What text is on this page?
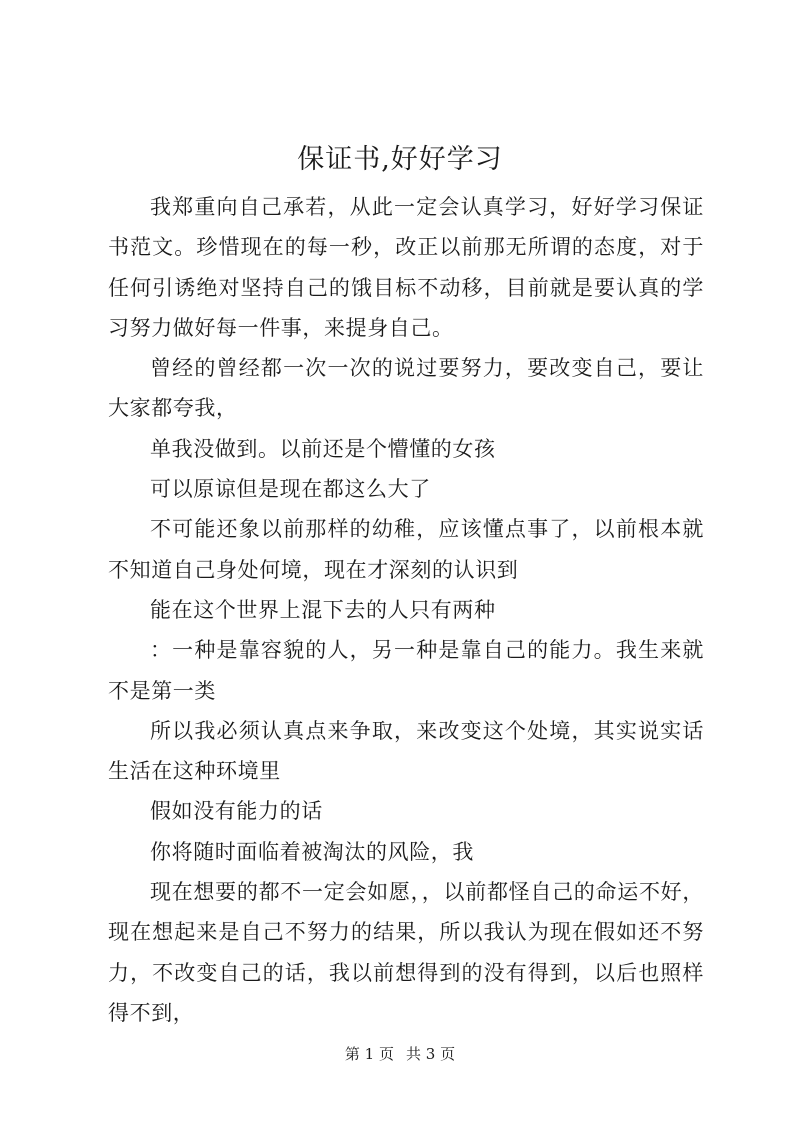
保证书,好好学习

我郑重向自己承若，从此一定会认真学习，好好学习保证书范文。珍惜现在的每一秒，改正以前那无所谓的态度，对于任何引诱绝对坚持自己的饿目标不动移，目前就是要认真的学习努力做好每一件事，来提身自己。

曾经的曾经都一次一次的说过要努力，要改变自己，要让大家都夸我，

单我没做到。以前还是个懵懂的女孩

可以原谅但是现在都这么大了

不可能还象以前那样的幼稚，应该懂点事了，以前根本就不知道自己身处何境，现在才深刻的认识到

能在这个世界上混下去的人只有两种

：一种是靠容貌的人，另一种是靠自己的能力。我生来就不是第一类

所以我必须认真点来争取，来改变这个处境，其实说实话生活在这种环境里

假如没有能力的话

你将随时面临着被淘汰的风险，我

现在想要的都不一定会如愿，，以前都怪自己的命运不好，现在想起来是自己不努力的结果，所以我认为现在假如还不努力，不改变自己的话，我以前想得到的没有得到，以后也照样得不到，

第 1 页 共 3 页
